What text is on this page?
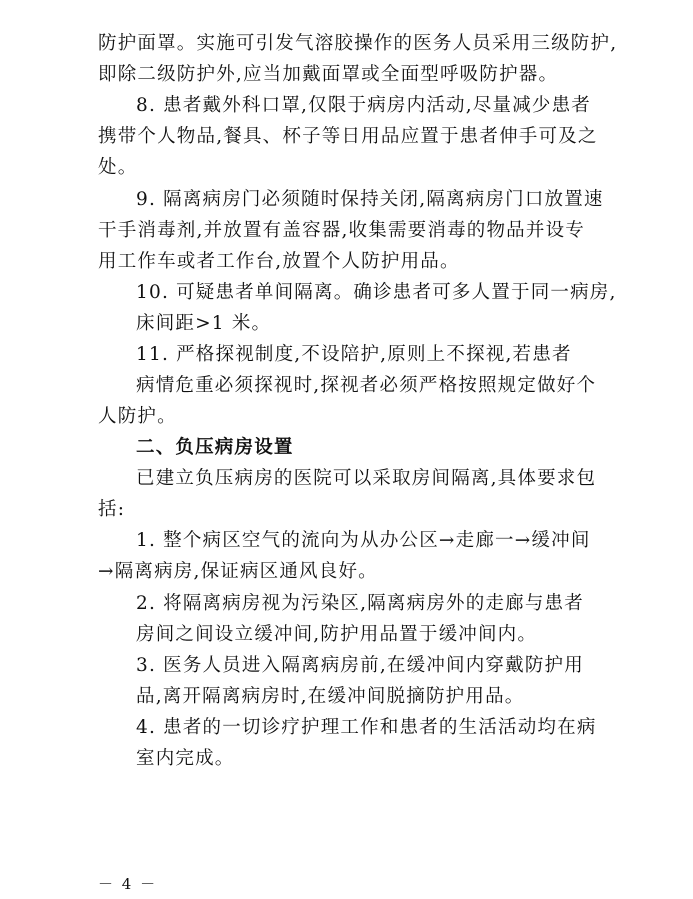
防护面罩。实施可引发气溶胶操作的医务人员采用三级防护,
即除二级防护外,应当加戴面罩或全面型呼吸防护器。
8. 患者戴外科口罩,仅限于病房内活动,尽量减少患者
携带个人物品,餐具、杯子等日用品应置于患者伸手可及之
处。
9. 隔离病房门必须随时保持关闭,隔离病房门口放置速
干手消毒剂,并放置有盖容器,收集需要消毒的物品并设专
用工作车或者工作台,放置个人防护用品。
10. 可疑患者单间隔离。确诊患者可多人置于同一病房,
床间距>1 米。
11. 严格探视制度,不设陪护,原则上不探视,若患者
病情危重必须探视时,探视者必须严格按照规定做好个
人防护。
二、负压病房设置
已建立负压病房的医院可以采取房间隔离,具体要求包
括:
1. 整个病区空气的流向为从办公区→走廊一→缓冲间
→隔离病房,保证病区通风良好。
2. 将隔离病房视为污染区,隔离病房外的走廊与患者
房间之间设立缓冲间,防护用品置于缓冲间内。
3. 医务人员进入隔离病房前,在缓冲间内穿戴防护用
品,离开隔离病房时,在缓冲间脱摘防护用品。
4. 患者的一切诊疗护理工作和患者的生活活动均在病
室内完成。
－ 4 －
